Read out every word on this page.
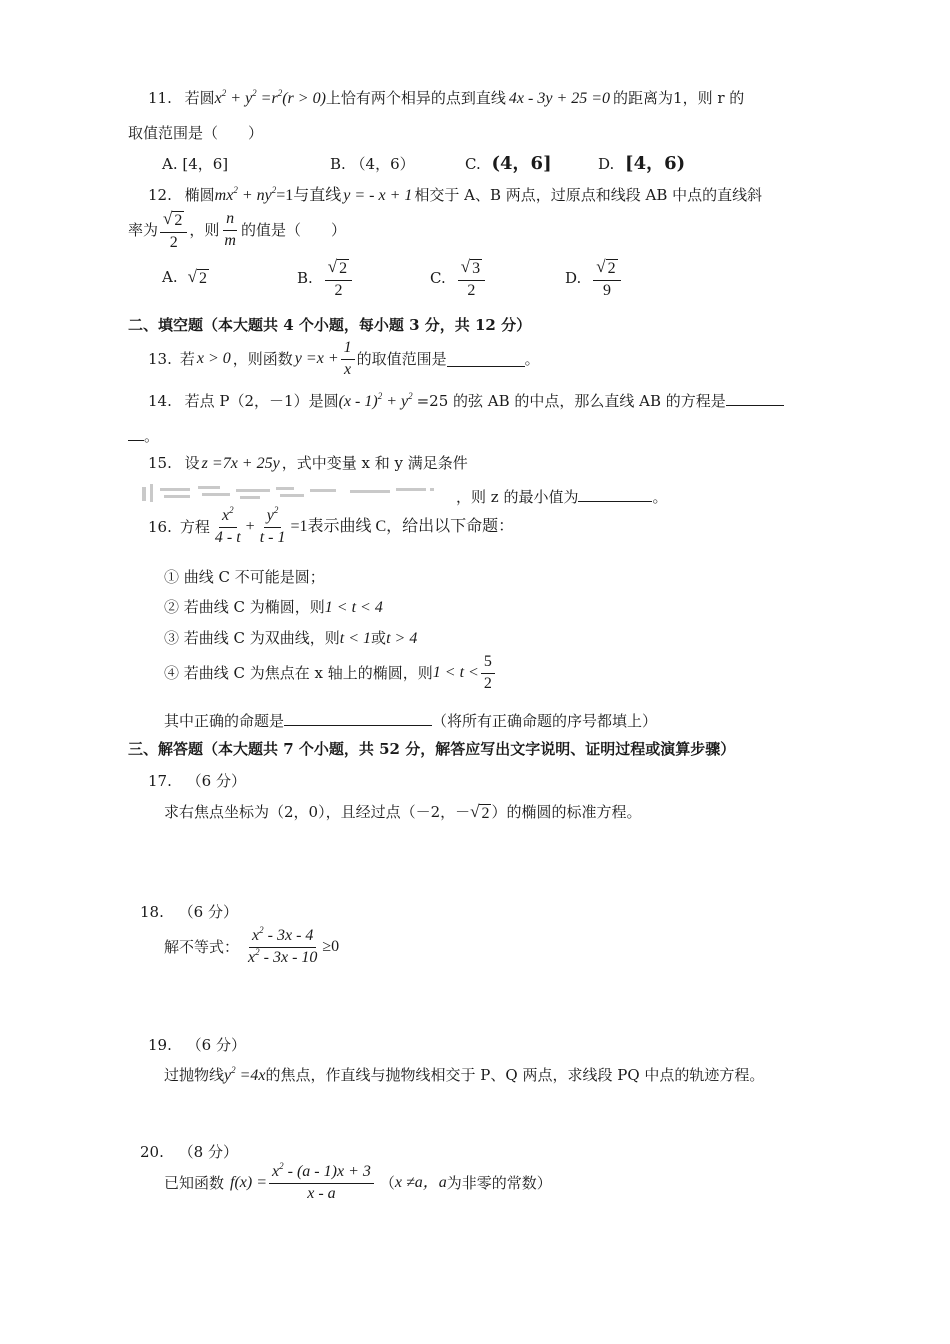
11. 若圆$x^2 + y^2 =r^2(r > 0)$上恰有两个相异的点到直线 4x - 3y + 25 =0 的距离为1，则 r 的
取值范围是（　　）
A. [4，6]	B. （4，6）	C. (4，6]	D. [4，6)
12. 椭圆$mx^2 + ny^2=1$与直线 y = - x + 1 相交于 A、B 两点，过原点和线段 AB 中点的直线斜
率为 $\frac{√ 2}{2}$ ，则 $\frac{n}{m}$ 的值是（　　）
A. √ 2	B. $\frac{√ 2}{2}$	C. $\frac{√ 3}{2}$	D. $\frac{√ 2}{9}$
二、填空题（本大题共 4 个小题，每小题 3 分，共 12 分）
13. 若 x > 0 ，则函数 $y =x + \frac{1}{x}$ 的取值范围是	。
14. 若点 P（2，－1）是圆$(x - 1)^2 + y^2 =25$ 的弦 AB 的中点，那么直线 AB 的方程是
。
15. 设 z =7x + 25y ，式中变量 x 和 y 满足条件
，则 z 的最小值为	。
16. 方程 $\frac{x^2}{4 - t} + \frac{y^2}{t - 1} =1$表示曲线 C，给出以下命题：
① 曲线 C 不可能是圆；
② 若曲线 C 为椭圆，则1 < t < 4
③ 若曲线 C 为双曲线，则t < 1或t > 4
④ 若曲线 C 为焦点在 x 轴上的椭圆，则 $1 < t < \frac{5}{2}$
其中正确的命题是	（将所有正确命题的序号都填上）
三、解答题（本大题共 7 个小题，共 52 分，解答应写出文字说明、证明过程或演算步骤）
17. （6 分）
求右焦点坐标为（2，0），且经过点（－2，－ √ 2 ）的椭圆的标准方程。
18. （6 分）
解不等式： $\frac{x^2 - 3x - 4}{x^2 - 3x - 10} \ge 0$
19. （6 分）
过抛物线$y^2 =4x$的焦点，作直线与抛物线相交于 P、Q 两点，求线段 PQ 中点的轨迹方程。
20. （8 分）
已知函数 $f(x) = \frac{x^2 - (a - 1)x + 3}{x - a}$ （ x ≠a，a 为非零的常数）
